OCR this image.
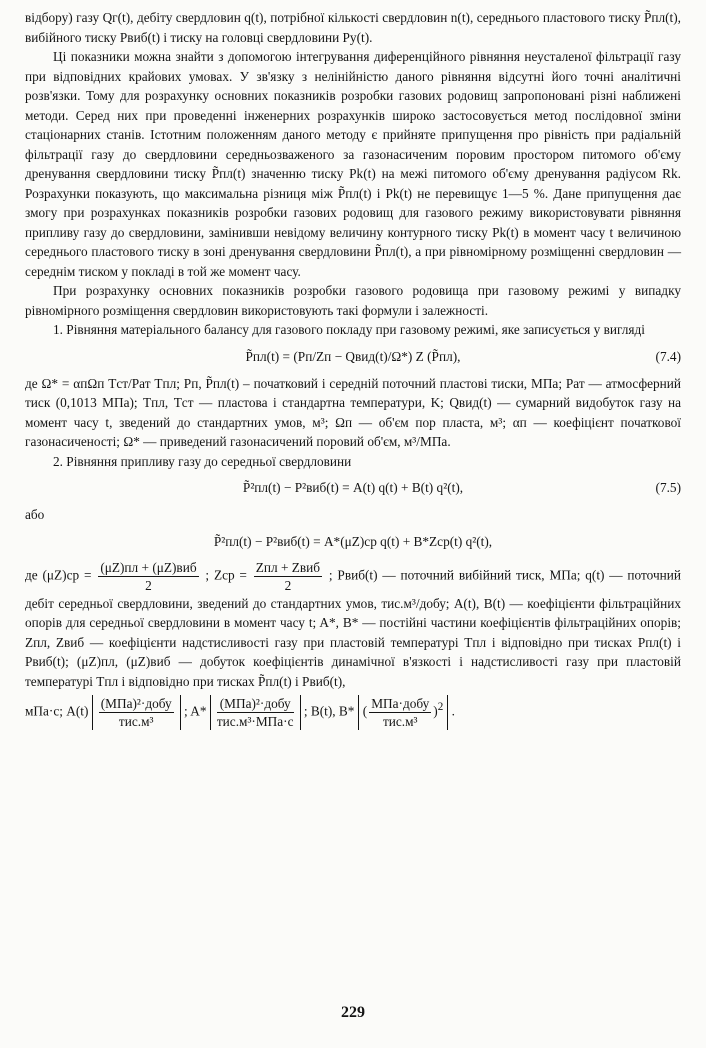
відбору) газу Qг(t), дебіту свердловин q(t), потрібної кількості свердловин n(t), середнього пластового тиску P̃пл(t), вибійного тиску Pвиб(t) і тиску на головці свердловини Pу(t).

Ці показники можна знайти з допомогою інтегрування диференційного рівняння неусталеної фільтрації газу при відповідних крайових умовах. У зв'язку з нелінійністю даного рівняння відсутні його точні аналітичні розв'язки. Тому для розрахунку основних показників розробки газових родовищ запропоновані різні наближені методи. Серед них при проведенні інженерних розрахунків широко застосовується метод послідовної зміни стаціонарних станів. Істотним положенням даного методу є прийняте припущення про рівність при радіальній фільтрації газу до свердловини середньозваженого за газонасиченим поровим простором питомого об'єму дренування свердловини тиску P̃пл(t) значенню тиску Pk(t) на межі питомого об'єму дренування радіусом Rk. Розрахунки показують, що максимальна різниця між P̃пл(t) і Pk(t) не перевищує 1—5 %. Дане припущення дає змогу при розрахунках показників розробки газових родовищ для газового режиму використовувати рівняння припливу газу до свердловини, замінивши невідому величину контурного тиску Pk(t) в момент часу t величиною середнього пластового тиску в зоні дренування свердловини P̃пл(t), а при рівномірному розміщенні свердловин — середнім тиском у покладі в той же момент часу.

При розрахунку основних показників розробки газового родовища при газовому режимі у випадку рівномірного розміщення свердловин використовують такі формули і залежності.

1. Рівняння матеріального балансу для газового покладу при газовому режимі, яке записується у вигляді

P̃пл(t) = (Pп/Zп − Qвид(t)/Ω*) Z (P̃пл),	(7.4)

де Ω* = αпΩп Tст/Pат Tпл; Pп, P̃пл(t) – початковий і середній поточний пластові тиски, МПа; Pат — атмосферний тиск (0,1013 МПа); Tпл, Tст — пластова і стандартна температури, K; Qвид(t) — сумарний видобуток газу на момент часу t, зведений до стандартних умов, м³; Ωп — об'єм пор пласта, м³; αп — коефіцієнт початкової газонасиченості; Ω* — приведений газонасичений поровий об'єм, м³/МПа.

2. Рівняння припливу газу до середньої свердловини

P̃²пл(t) − P²виб(t) = A(t) q(t) + B(t) q²(t),	(7.5)

або

P̃²пл(t) − P²виб(t) = A*(μZ)ср q(t) + B*Zср(t) q²(t),

де $(\mu Z)ср = \frac{\text{(μZ)пл + (μZ)виб}}{2}$ ; Zср = $\frac{\text{Zпл + Zвиб}}{2}$ ; Pвиб(t) — поточний вибійний тиск, МПа; q(t) — поточний дебіт середньої свердловини, зведений до стандартних умов, тис.м³/добу; A(t), B(t) — коефіцієнти фільтраційних опорів для середньої свердловини в момент часу t; A*, B* — постійні частини коефіцієнтів фільтраційних опорів; Zпл, Zвиб — коефіцієнти надстисливості газу при пластовій температурі Tпл і відповідно при тисках Pпл(t) і Pвиб(t); (μZ)пл, (μZ)виб — добуток коефіцієнтів динамічної в'язкості і надстисливості газу при пластовій температурі Tпл і відповідно при тисках P̃пл(t) і Pвиб(t),

мПа·с; $A(t) \frac{\text{(МПа)²·добу}}{\text{тис.м³}}$ ; $A* \frac{\text{(МПа)²·добу}}{\text{тис.м³·МПа·с}}$ ; B(t), B* ( $\frac{\text{МПа·добу}}{\text{тис.м³}} )^2$ .

229
